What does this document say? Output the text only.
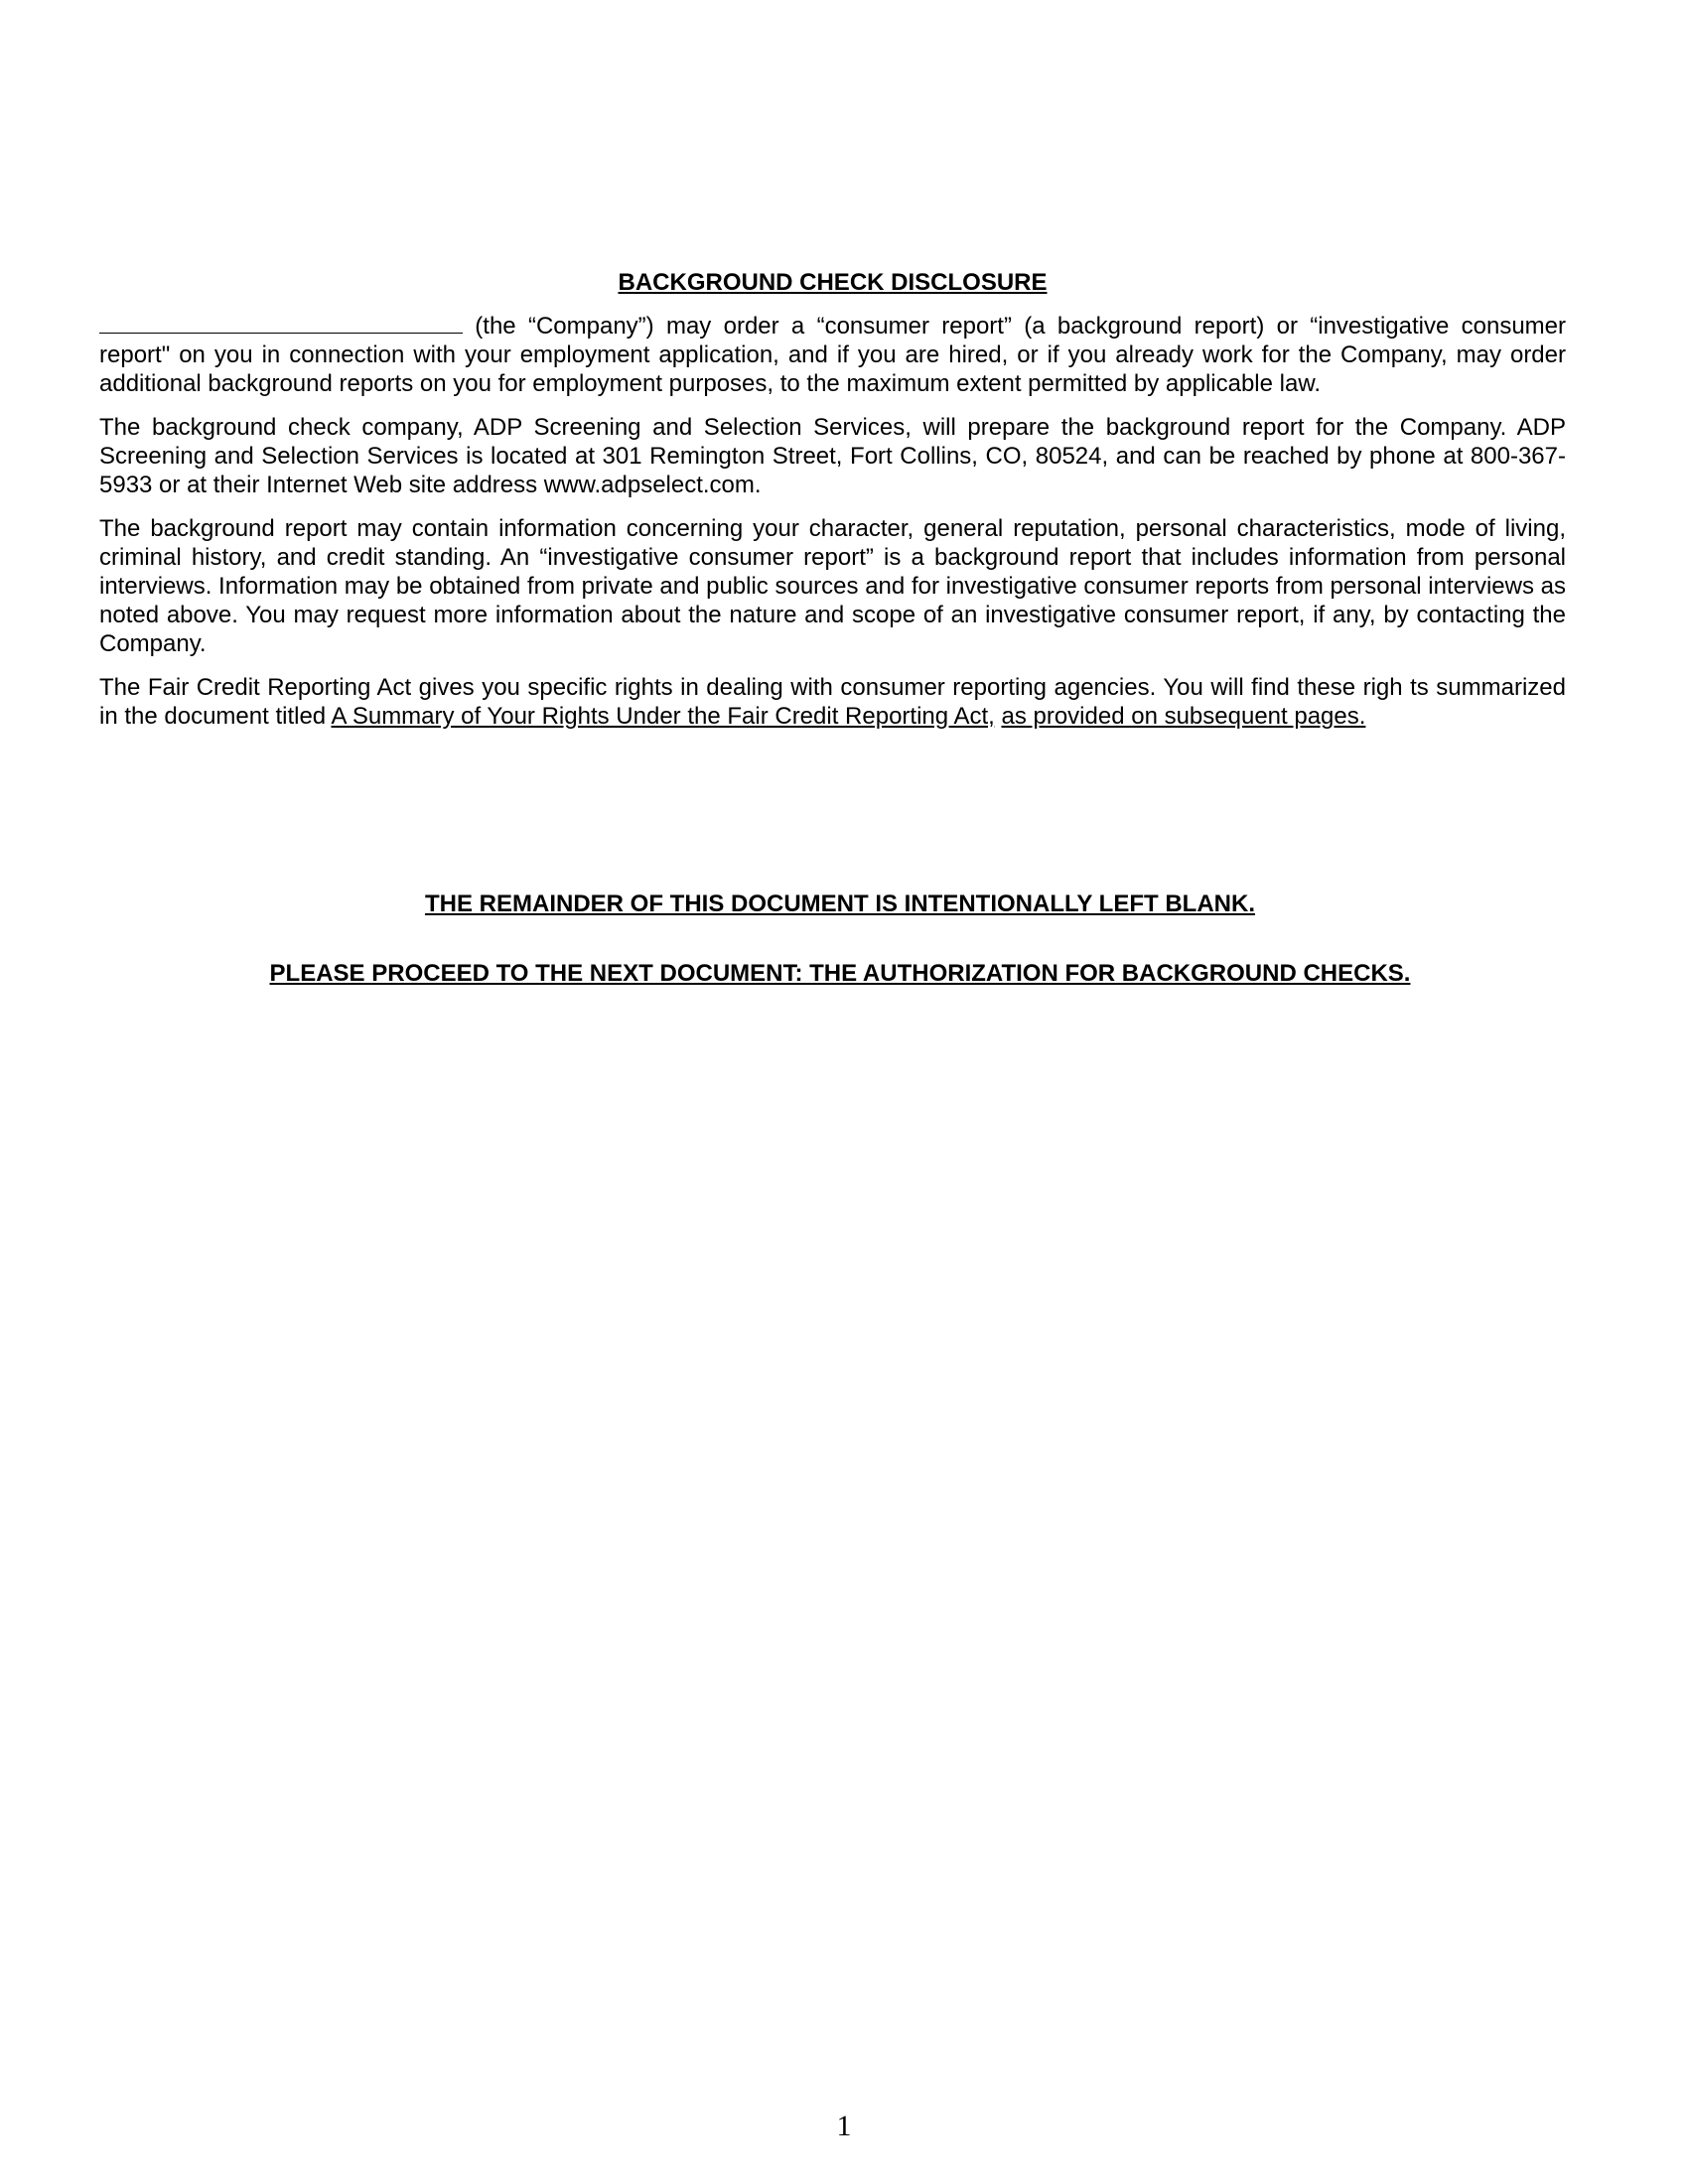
BACKGROUND CHECK DISCLOSURE

(the “Company”) may order a “consumer report” (a background report) or “investigative consumer report" on you in connection with your employment application, and if you are hired, or if you already work for the Company, may order additional background reports on you for employment purposes, to the maximum extent permitted by applicable law.

The background check company, ADP Screening and Selection Services, will prepare the background report for the Company. ADP Screening and Selection Services is located at 301 Remington Street, Fort Collins, CO, 80524, and can be reached by phone at 800-367-5933 or at their Internet Web site address www.adpselect.com.

The background report may contain information concerning your character, general reputation, personal characteristics, mode of living, criminal history, and credit standing. An “investigative consumer report” is a background report that includes information from personal interviews. Information may be obtained from private and public sources and for investigative consumer reports from personal interviews as noted above. You may request more information about the nature and scope of an investigative consumer report, if any, by contacting the Company.

The Fair Credit Reporting Act gives you specific rights in dealing with consumer reporting agencies. You will find these righ ts summarized in the document titled A Summary of Your Rights Under the Fair Credit Reporting Act, as provided on subsequent pages.

THE REMAINDER OF THIS DOCUMENT IS INTENTIONALLY LEFT BLANK.
PLEASE PROCEED TO THE NEXT DOCUMENT: THE AUTHORIZATION FOR BACKGROUND CHECKS.
1
